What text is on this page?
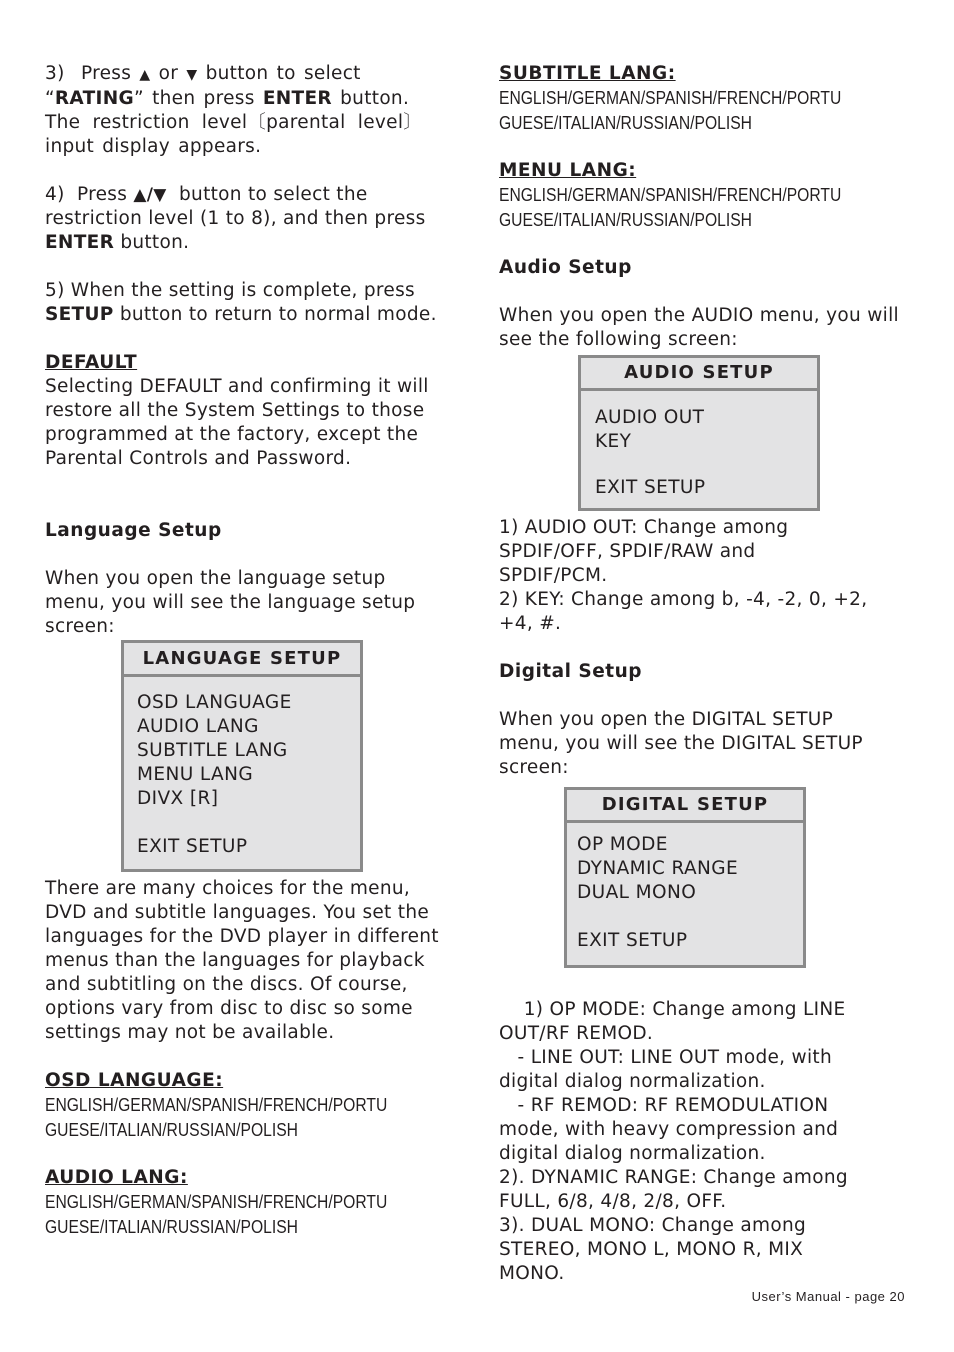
3) Press ▲ or ▼ button to select
“RATING” then press ENTER button.
The restriction level〔parental level〕
input display appears.

4) Press ▲/▼ button to select the
restriction level (1 to 8), and then press
ENTER button.

5) When the setting is complete, press
SETUP button to return to normal mode.

DEFAULT

Selecting DEFAULT and confirming it will
restore all the System Settings to those
programmed at the factory, except the
Parental Controls and Password.

Language Setup

When you open the language setup
menu, you will see the language setup
screen:

LANGUAGE SETUP
OSD LANGUAGE
AUDIO LANG
SUBTITLE LANG
MENU LANG
DIVX [R]
EXIT SETUP

There are many choices for the menu,
DVD and subtitle languages. You set the
languages for the DVD player in different
menus than the languages for playback
and subtitling on the discs. Of course,
options vary from disc to disc so some
settings may not be available.

OSD LANGUAGE:

ENGLISH/GERMAN/SPANISH/FRENCH/PORTU
GUESE/ITALIAN/RUSSIAN/POLISH

AUDIO LANG:

ENGLISH/GERMAN/SPANISH/FRENCH/PORTU
GUESE/ITALIAN/RUSSIAN/POLISH

SUBTITLE LANG:

ENGLISH/GERMAN/SPANISH/FRENCH/PORTU
GUESE/ITALIAN/RUSSIAN/POLISH

MENU LANG:

ENGLISH/GERMAN/SPANISH/FRENCH/PORTU
GUESE/ITALIAN/RUSSIAN/POLISH

Audio Setup

When you open the AUDIO menu, you will
see the following screen:

AUDIO SETUP
AUDIO OUT
KEY
EXIT SETUP

1) AUDIO OUT: Change among
SPDIF/OFF, SPDIF/RAW and
SPDIF/PCM.
2) KEY: Change among b, -4, -2, 0, +2,
+4, #.

Digital Setup

When you open the DIGITAL SETUP
menu, you will see the DIGITAL SETUP
screen:

DIGITAL SETUP
OP MODE
DYNAMIC RANGE
DUAL MONO
EXIT SETUP

1) OP MODE: Change among LINE
OUT/RF REMOD.
- LINE OUT: LINE OUT mode, with
digital dialog normalization.
- RF REMOD: RF REMODULATION
mode, with heavy compression and
digital dialog normalization.
2). DYNAMIC RANGE: Change among
FULL, 6/8, 4/8, 2/8, OFF.
3). DUAL MONO: Change among
STEREO, MONO L, MONO R, MIX
MONO.

User’s Manual - page 20
